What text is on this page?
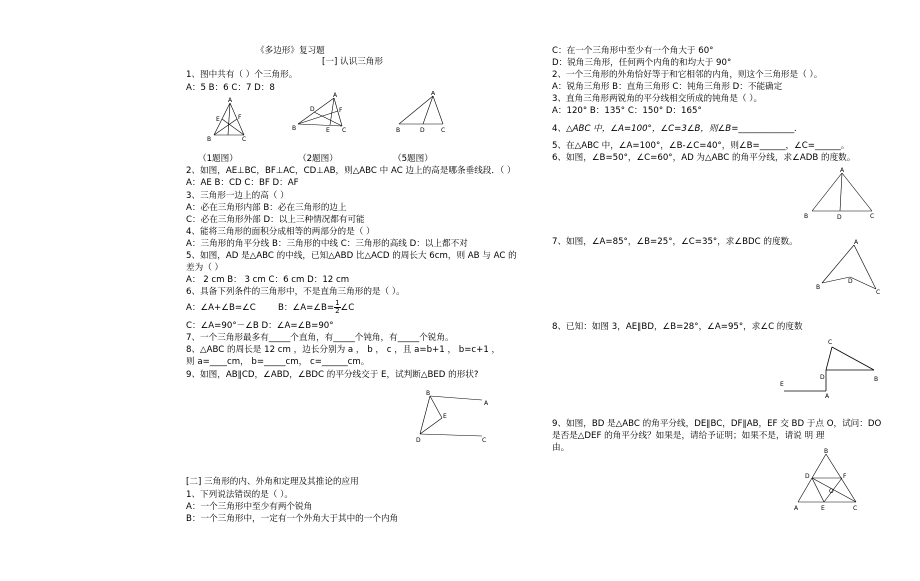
《多边形》复习题
[一] 认识三角形
1、图中共有（ ）个三角形。
A：5 B：6 C：7 D：8
A
B	C
E	F
A
B	C
E
F
D
A
B	D	C
（1题图）	（2题图）	（5题图）
2、如图，AE⊥BC，BF⊥AC，CD⊥AB，则△ABC 中 AC 边上的高是哪条垂线段．（ ）
A：AE B：CD C：BF D：AF
3、三角形一边上的高（ ）
A：必在三角形内部 B：必在三角形的边上
C：必在三角形外部 D：以上三种情况都有可能
4、能将三角形的面积分成相等的两部分的是（ ）
A：三角形的角平分线 B：三角形的中线 C：三角形的高线 D：以上都不对
5、如图，AD 是△ABC 的中线，已知△ABD 比△ACD 的周长大 6cm，则 AB 与 AC 的
差为（ ）
A： 2 cm B： 3 cm C：6 cm D：12 cm
6、具备下列条件的三角形中，不是直角三角形的是（ ）。
A：∠A+∠B=∠C	B：∠A=∠B= $\frac{1}{2}$ ∠C
C：∠A=90°－∠B D：∠A=∠B=90°
7、一个三角形最多有_____个直角，有_____个钝角，有_____个锐角。
8、△ABC 的周长是 12 cm ，边长分别为 a ， b ， c ，且 a=b+1 ， b=c+1 ，
则 a=____cm， b=_____cm， c=______cm。
9、如图，AB∥CD，∠ABD，∠BDC 的平分线交于 E，试判断△BED 的形状?
B
A
E
D	C
[二] 三角形的内、外角和定理及其推论的应用
1、下列说法错误的是（ ）。
A：一个三角形中至少有两个锐角
B：一个三角形中，一定有一个外角大于其中的一个内角
C：在一个三角形中至少有一个角大于 60°
D：锐角三角形，任何两个内角的和均大于 90°
2、一个三角形的外角恰好等于和它相邻的内角，则这个三角形是（ ）。
A：锐角三角形 B：直角三角形 C：钝角三角形 D：不能确定
3、直角三角形两锐角的平分线相交所成的钝角是（ ）。
A：120° B：135° C：150° D：165°
4、△ABC 中，∠A=100°，∠C=3∠B，则∠B=_____________.
5、在△ABC 中，∠A=100°，∠B-∠C=40°，则∠B=______，∠C=______。
6、如图，∠B=50°，∠C=60°，AD 为△ABC 的角平分线，求∠ADB 的度数。
A
B	D	C
7、如图，∠A=85°，∠B=25°，∠C=35°，求∠BDC 的度数。	A
B
D
C
8、已知：如图 3，AE∥BD，∠B=28°，∠A=95°，求∠C 的度数
C
D	B
E
A
9、如图，BD 是△ABC 的角平分线，DE∥BC，DF∥AB，EF 交 BD 于点 O，试问：DO
是否是△DEF 的角平分线？如果是，请给予证明；如果不是，请说 明 理
由。	B
D	F
O
A	E	C
